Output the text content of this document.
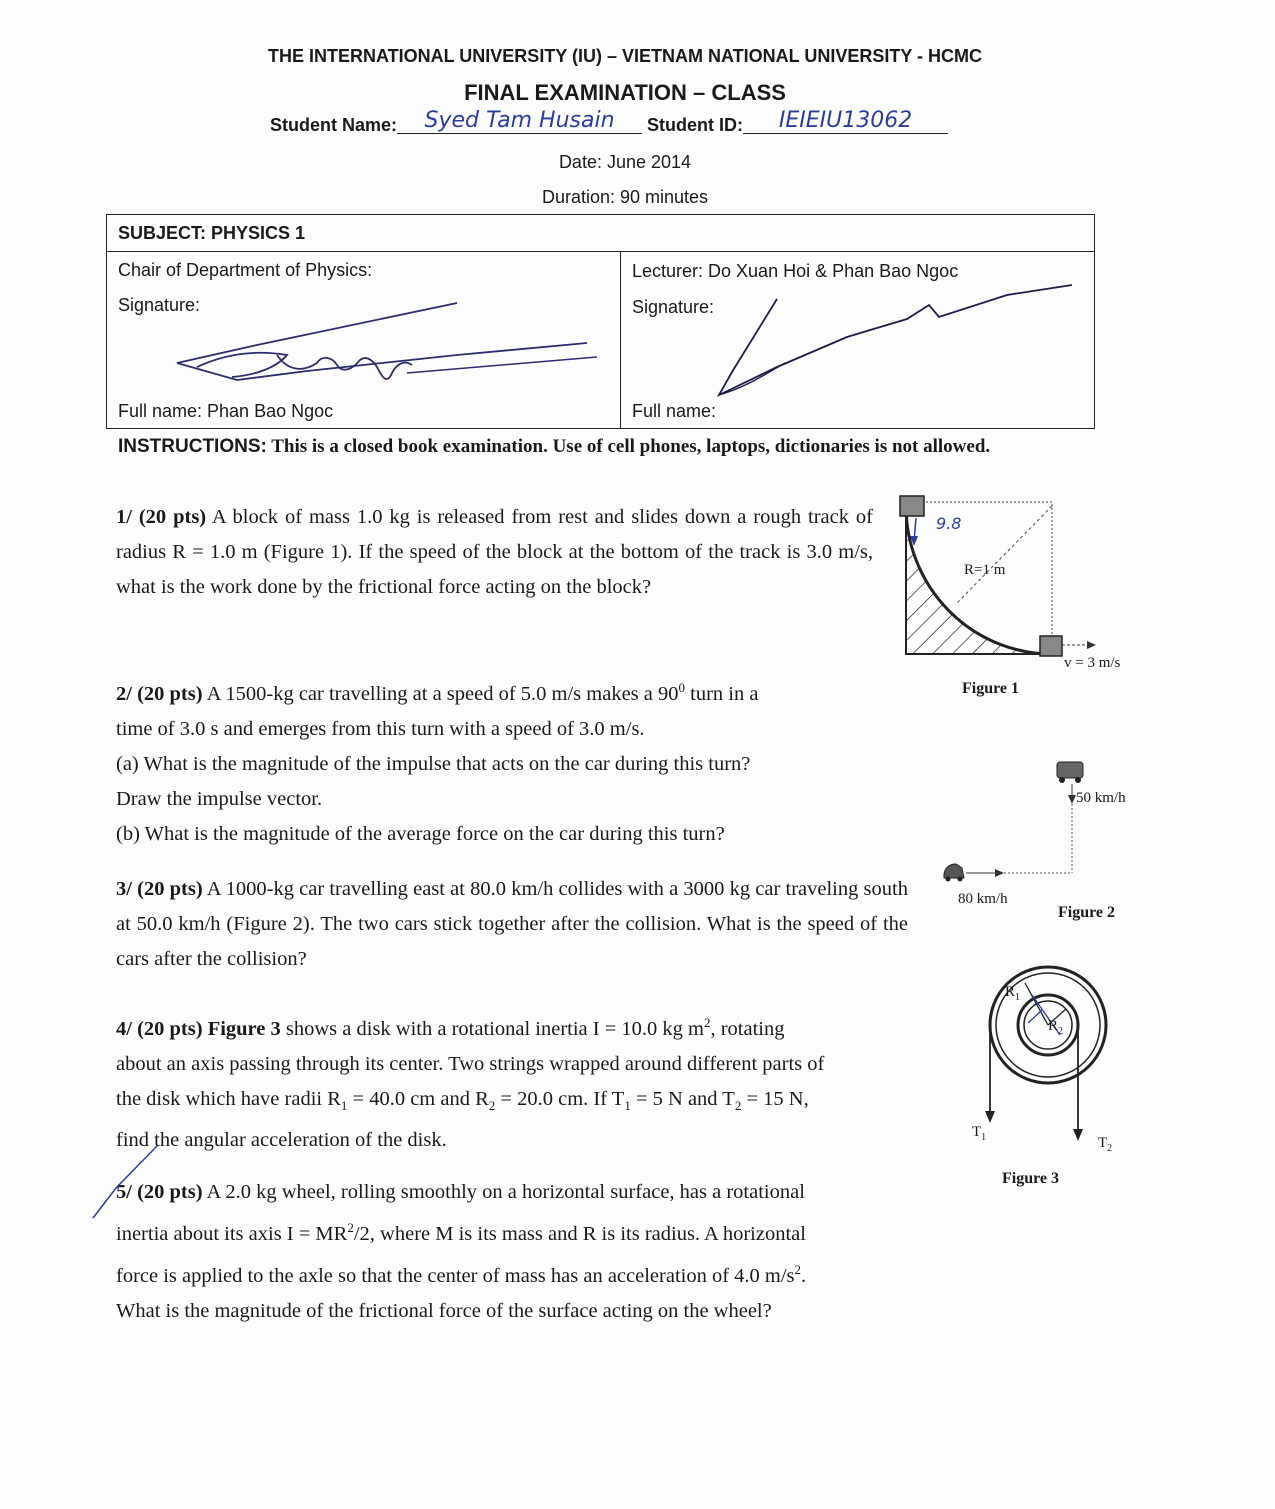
THE INTERNATIONAL UNIVERSITY (IU) – VIETNAM NATIONAL UNIVERSITY - HCMC
FINAL EXAMINATION – CLASS
Student Name: Syed Tam Husain Student ID: IEIEIU13062
Date: June 2014
Duration: 90 minutes
SUBJECT: PHYSICS 1
Chair of Department of Physics:
Signature:
Full name: Phan Bao Ngoc
Lecturer: Do Xuan Hoi & Phan Bao Ngoc
Signature:
Full name:
INSTRUCTIONS: This is a closed book examination. Use of cell phones, laptops, dictionaries is not allowed.

1/ (20 pts) A block of mass 1.0 kg is released from rest and slides down a rough track of radius R = 1.0 m (Figure 1). If the speed of the block at the bottom of the track is 3.0 m/s, what is the work done by the frictional force acting on the block?

2/ (20 pts) A 1500-kg car travelling at a speed of 5.0 m/s makes a $90^0$ turn in a

time of 3.0 s and emerges from this turn with a speed of 3.0 m/s.

(a) What is the magnitude of the impulse that acts on the car during this turn?

Draw the impulse vector.

(b) What is the magnitude of the average force on the car during this turn?

3/ (20 pts) A 1000-kg car travelling east at 80.0 km/h collides with a 3000 kg car traveling south at 50.0 km/h (Figure 2). The two cars stick together after the collision. What is the speed of the cars after the collision?

4/ (20 pts) Figure 3 shows a disk with a rotational inertia I = 10.0 kg $m^2$, rotating

about an axis passing through its center. Two strings wrapped around different parts of

the disk which have radii $R_1 = 40.0$ cm and $R_2 = 20.0$ cm. If $T_1 = 5$ N and $T_2 = 15$ N,

find the angular acceleration of the disk.

5/ (20 pts) A 2.0 kg wheel, rolling smoothly on a horizontal surface, has a rotational

inertia about its axis $I = MR^2/2$, where M is its mass and R is its radius. A horizontal

force is applied to the axle so that the center of mass has an acceleration of 4.0 $m/s^2$.

What is the magnitude of the frictional force of the surface acting on the wheel?

9.8
R=1 m
v = 3 m/s
Figure 1
50 km/h
80 km/h
Figure 2
$R_1$
$R_2$
$T_1$	$T_2$
Figure 3
